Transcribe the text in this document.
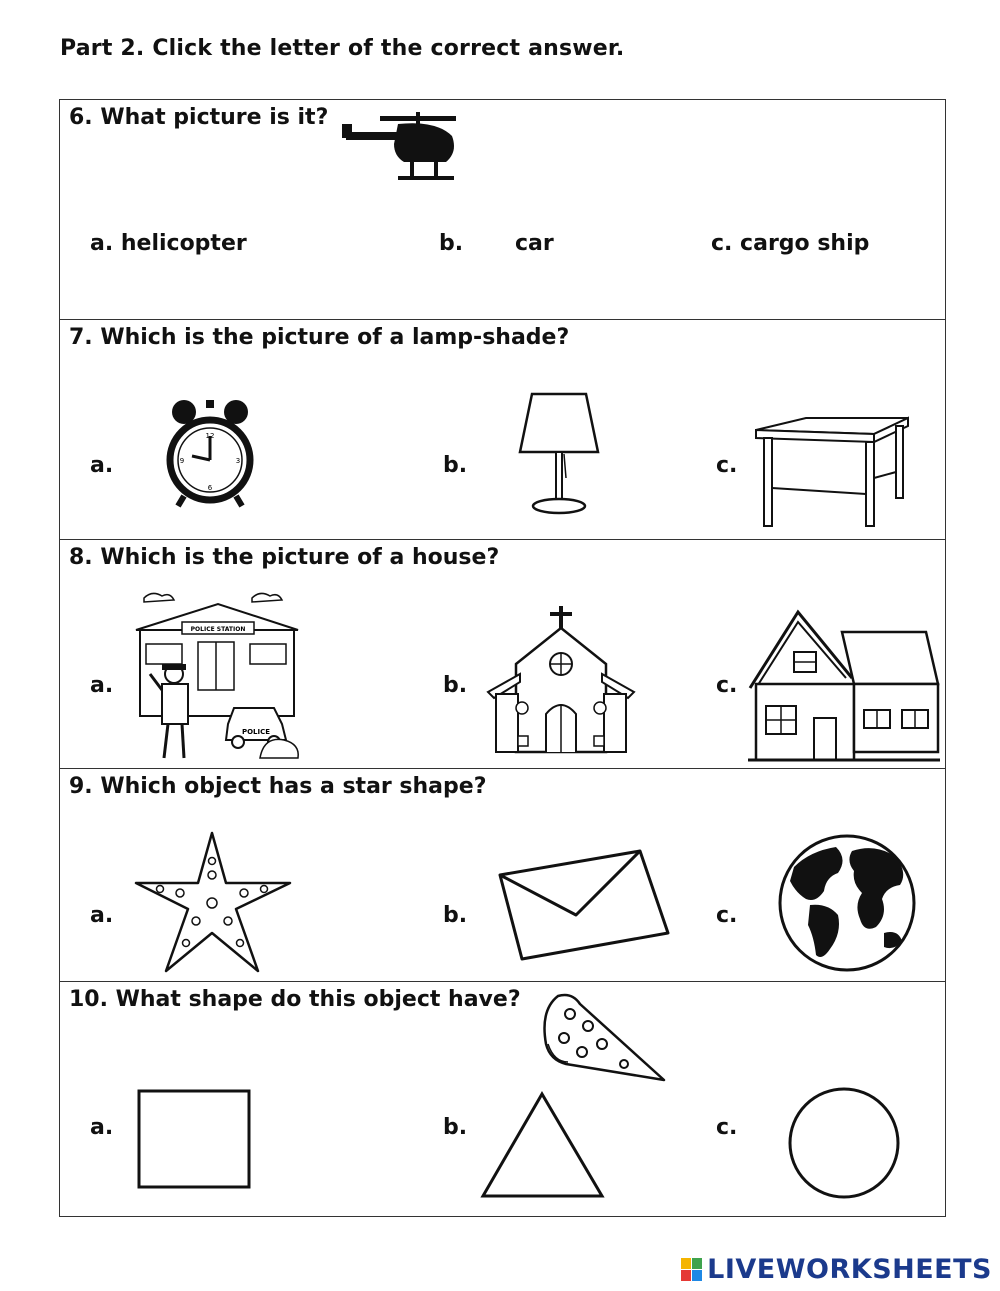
Part 2. Click the letter of the correct answer.
6. What picture is it?
a. helicopter	b. car	c. cargo ship
7. Which is the picture of a lamp-shade?
a.
12
3
6
9	b.	c.
8. Which is the picture of a house?
a.
POLICE STATION
POLICE
b.	c.
9. Which object has a star shape?
a.	b.	c.
10. What shape do this object have?
a.	b.	c.
LIVEWORKSHEETS
